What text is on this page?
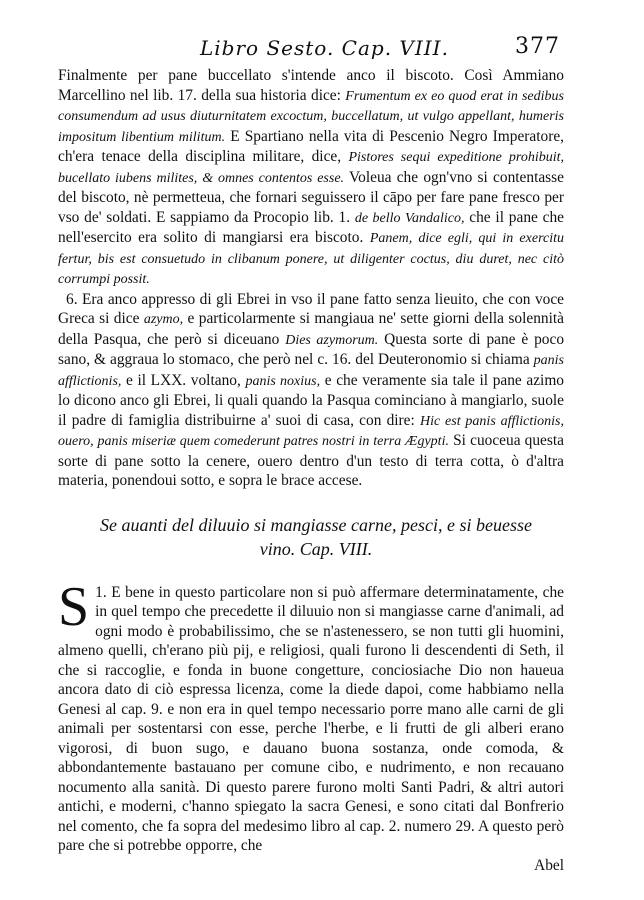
Libro Sesto. Cap. VIII.	377

Finalmente per pane buccellato s'intende anco il biscoto. Così Ammiano Marcellino nel lib. 17. della sua historia dice: Frumentum ex eo quod erat in sedibus consumendum ad usus diuturnitatem excoctum, buccellatum, ut vulgo appellant, humeris impositum libentium militum. E Spartiano nella vita di Pescenio Negro Imperatore, ch'era tenace della disciplina militare, dice, Pistores sequi expeditione prohibuit, bucellato iubens milites, & omnes contentos esse. Voleua che ogn'vno si contentasse del biscoto, nè permetteua, che fornari seguissero il cāpo per fare pane fresco per vso de' soldati. E sappiamo da Procopio lib. 1. de bello Vandalico, che il pane che nell'esercito era solito di mangiarsi era biscoto. Panem, dice egli, qui in exercitu fertur, bis est consuetudo in clibanum ponere, ut diligenter coctus, diu duret, nec citò corrumpi possit.

6. Era anco appresso di gli Ebrei in vso il pane fatto senza lieuito, che con voce Greca si dice azymo, e particolarmente si mangiaua ne' sette giorni della solennità della Pasqua, che però si diceuano Dies azymorum. Questa sorte di pane è poco sano, & aggraua lo stomaco, che però nel c. 16. del Deuteronomio si chiama panis afflictionis, e il LXX. voltano, panis noxius, e che veramente sia tale il pane azimo lo dicono anco gli Ebrei, li quali quando la Pasqua cominciano à mangiarlo, suole il padre di famiglia distribuirne a' suoi di casa, con dire: Hic est panis afflictionis, ouero, panis miseriæ quem comederunt patres nostri in terra Ægypti. Si cuoceua questa sorte di pane sotto la cenere, ouero dentro d'un testo di terra cotta, ò d'altra materia, ponendoui sotto, e sopra le brace accese.

Se auanti del diluuio si mangiasse carne, pesci, e si beuesse vino. Cap. VIII.

1.
S E bene in questo particolare non si può affermare determinatamente, che in quel tempo che precedette il diluuio non si mangiasse carne d'animali, ad ogni modo è probabilissimo, che se n'astenessero, se non tutti gli huomini, almeno quelli, ch'erano più pij, e religiosi, quali furono li descendenti di Seth, il che si raccoglie, e fonda in buone congetture, conciosiache Dio non haueua ancora dato di ciò espressa licenza, come la diede dapoi, come habbiamo nella Genesi al cap. 9. e non era in quel tempo necessario porre mano alle carni de gli animali per sostentarsi con esse, perche l'herbe, e li frutti de gli alberi erano vigorosi, di buon sugo, e dauano buona sostanza, onde comoda, & abbondantemente bastauano per comune cibo, e nudrimento, e non recauano nocumento alla sanità. Di questo parere furono molti Santi Padri, & altri autori antichi, e moderni, c'hanno spiegato la sacra Genesi, e sono citati dal Bonfrerio nel comento, che fa sopra del medesimo libro al cap. 2. numero 29. A questo però pare che si potrebbe opporre, che

Abel
